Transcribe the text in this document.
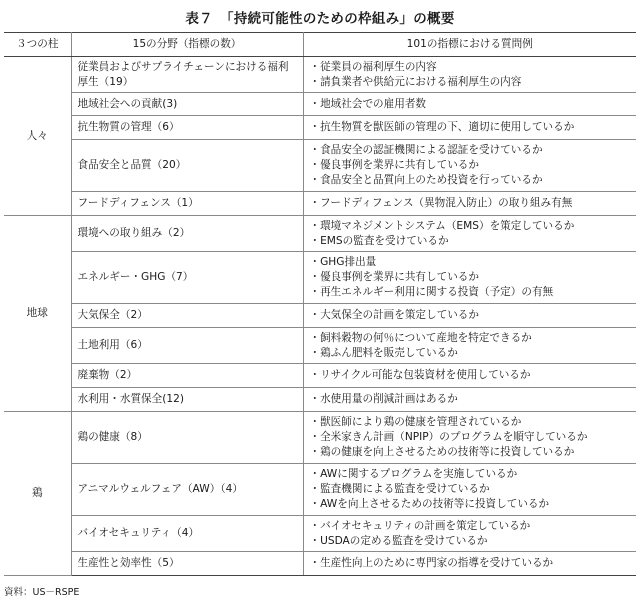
表７　「持続可能性のための枠組み」の概要
３つの柱	15の分野（指標の数）	101の指標における質問例
人々	従業員およびサプライチェーンにおける福利厚生（19）	・従業員の福利厚生の内容
・請負業者や供給元における福利厚生の内容

	地域社会への貢献(3)	・地域社会での雇用者数

	抗生物質の管理（6）	・抗生物質を獣医師の管理の下、適切に使用しているか

	食品安全と品質（20）	・食品安全の認証機関による認証を受けているか
・優良事例を業界に共有しているか
・食品安全と品質向上のため投資を行っているか

	フードディフェンス（1）	・フードディフェンス（異物混入防止）の取り組み有無

地球	環境への取り組み（2）	・環境マネジメントシステム（EMS）を策定しているか
・EMSの監査を受けているか

	エネルギー・GHG（7）	・GHG排出量
・優良事例を業界に共有しているか
・再生エネルギー利用に関する投資（予定）の有無

	大気保全（2）	・大気保全の計画を策定しているか

	土地利用（6）	・飼料穀物の何％について産地を特定できるか
・鶏ふん肥料を販売しているか

	廃棄物（2）	・リサイクル可能な包装資材を使用しているか

	水利用・水質保全(12)	・水使用量の削減計画はあるか

鶏	鶏の健康（8）	・獣医師により鶏の健康を管理されているか
・全米家きん計画（NPIP）のプログラムを順守しているか
・鶏の健康を向上させるための技術等に投資しているか

	アニマルウェルフェア（AW）（4）	・AWに関するプログラムを実施しているか
・監査機関による監査を受けているか
・AWを向上させるための技術等に投資しているか

	バイオセキュリティ（4）	・バイオセキュリティの計画を策定しているか
・USDAの定める監査を受けているか

	生産性と効率性（5）	・生産性向上のために専門家の指導を受けているか
資料：US－RSPE
